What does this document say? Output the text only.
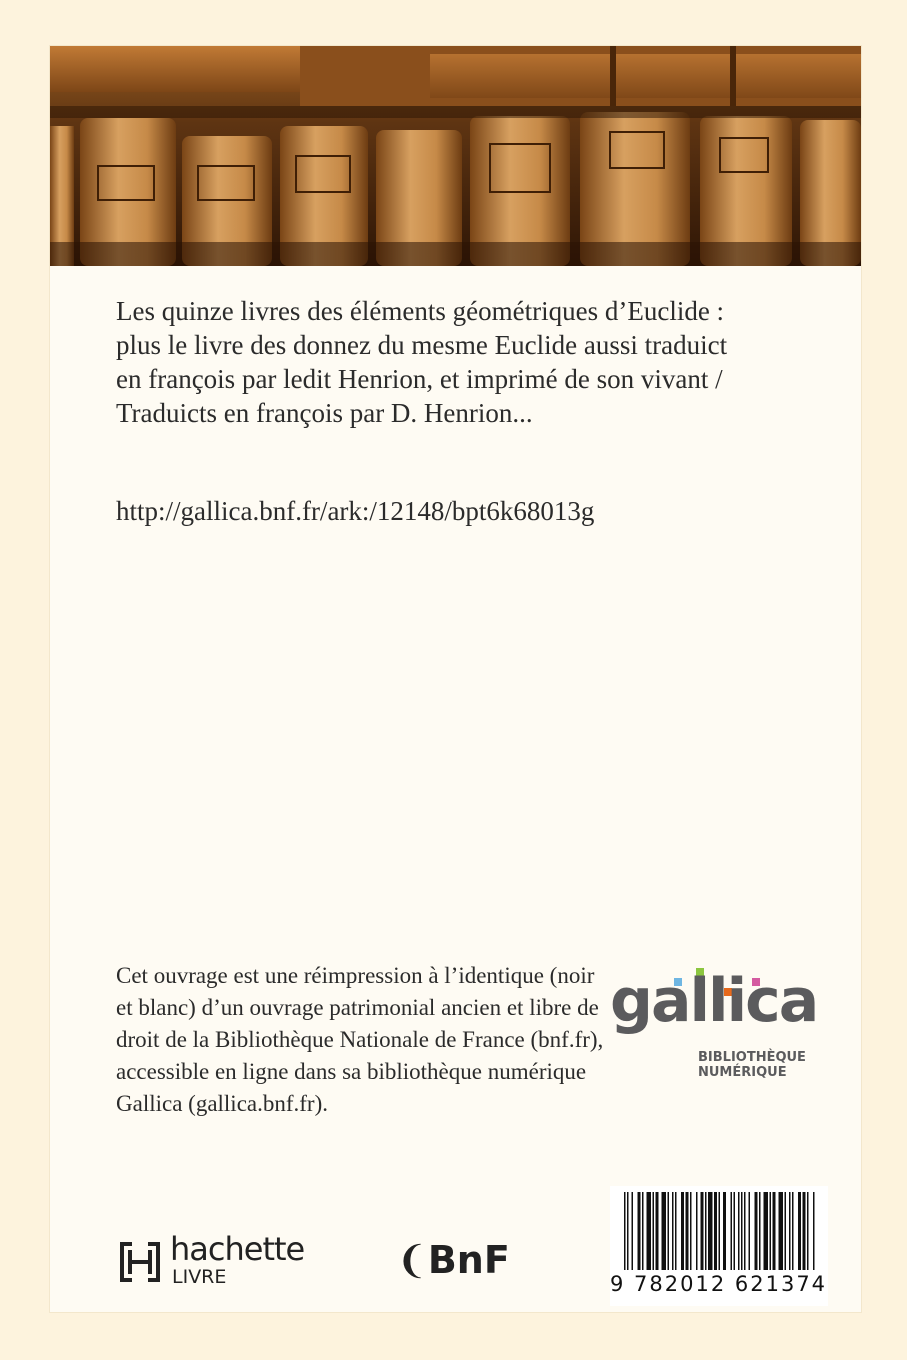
Les quinze livres des éléments géométriques d’Euclide : plus le livre des donnez du mesme Euclide aussi traduict en françois par ledit Henrion, et imprimé de son vivant / Traduicts en françois par D. Henrion...

http://gallica.bnf.fr/ark:/12148/bpt6k68013g
Cet ouvrage est une réimpression à l’identique (noir et blanc) d’un ouvrage patrimonial ancien et libre de droit de la Bibliothèque Nationale de France (bnf.fr), accessible en ligne dans sa bibliothèque numérique Gallica (gallica.bnf.fr).
gallica
BIBLIOTHÈQUE
NUMÉRIQUE
hachette
LIVRE	❨BnF
9 782012 621374
